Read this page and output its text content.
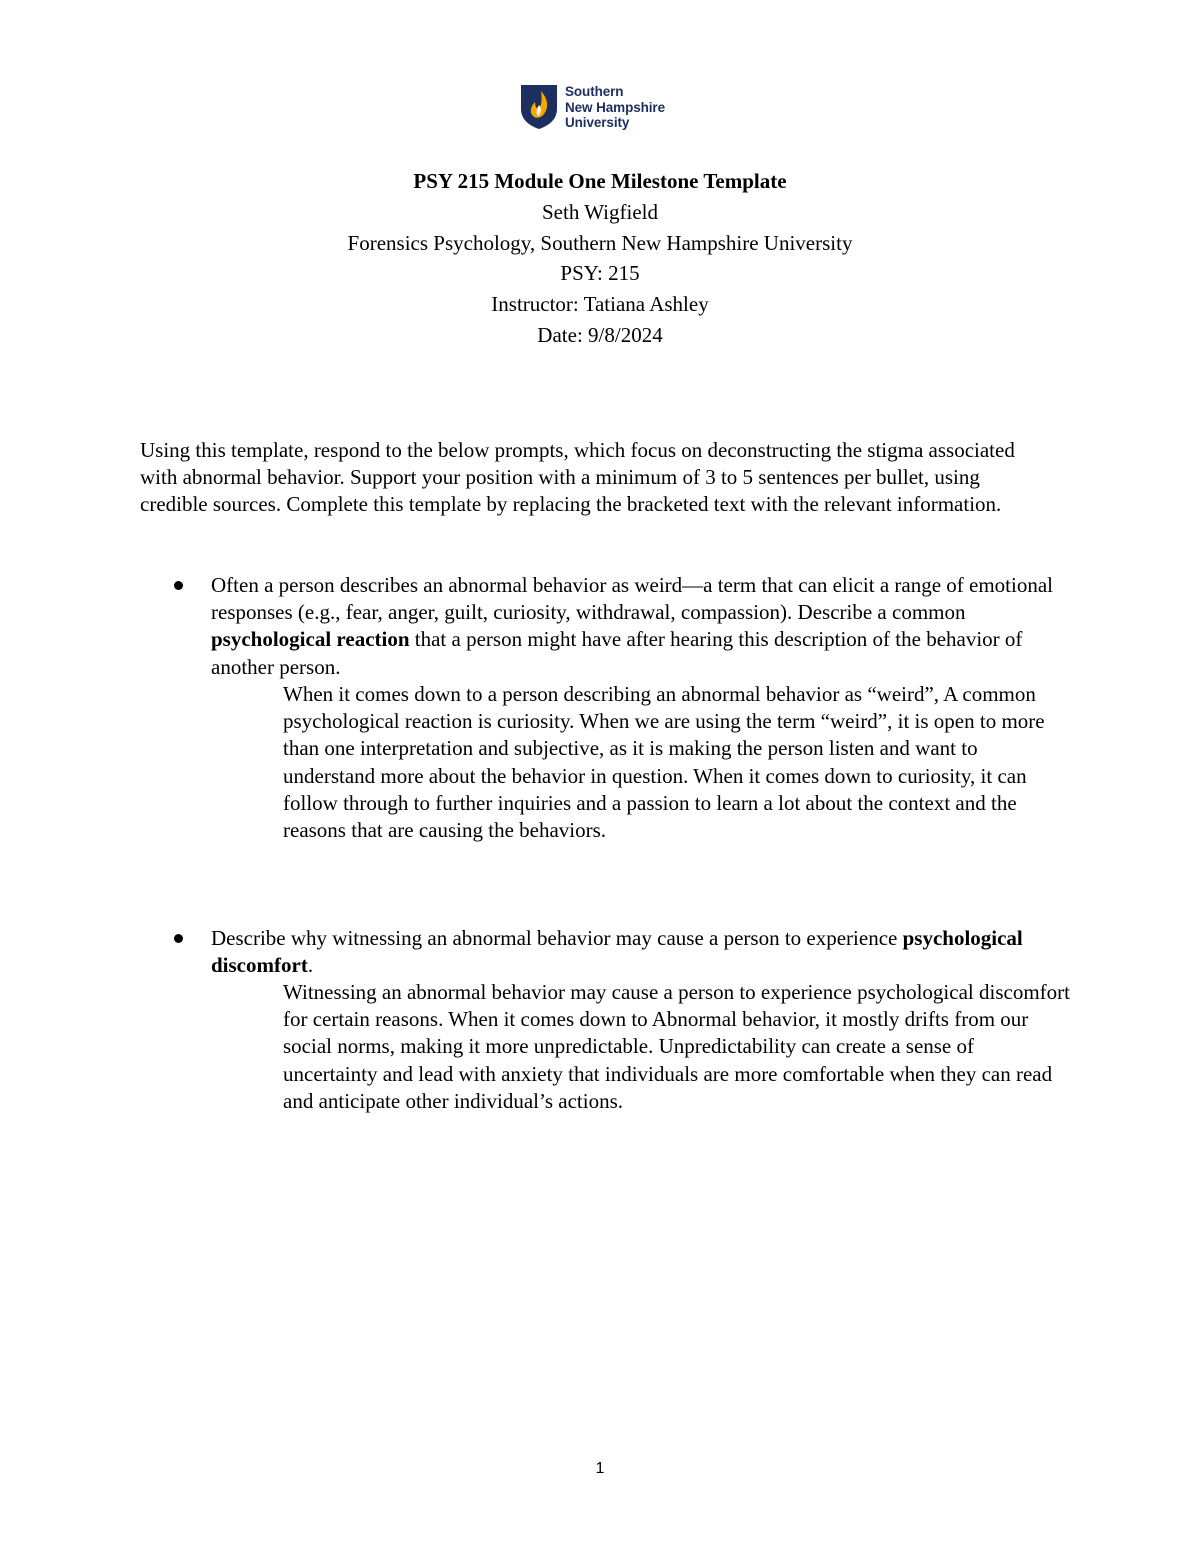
Southern
New Hampshire
University
PSY 215 Module One Milestone Template
Seth Wigfield
Forensics Psychology, Southern New Hampshire University
PSY: 215
Instructor: Tatiana Ashley
Date: 9/8/2024
Using this template, respond to the below prompts, which focus on deconstructing the stigma associated with abnormal behavior. Support your position with a minimum of 3 to 5 sentences per bullet, using credible sources. Complete this template by replacing the bracketed text with the relevant information.
Often a person describes an abnormal behavior as weird—a term that can elicit a range of emotional responses (e.g., fear, anger, guilt, curiosity, withdrawal, compassion). Describe a common psychological reaction that a person might have after hearing this description of the behavior of another person.
When it comes down to a person describing an abnormal behavior as “weird”, A common psychological reaction is curiosity. When we are using the term “weird”, it is open to more than one interpretation and subjective, as it is making the person listen and want to understand more about the behavior in question. When it comes down to curiosity, it can follow through to further inquiries and a passion to learn a lot about the context and the reasons that are causing the behaviors.
Describe why witnessing an abnormal behavior may cause a person to experience psychological discomfort.
Witnessing an abnormal behavior may cause a person to experience psychological discomfort for certain reasons. When it comes down to Abnormal behavior, it mostly drifts from our social norms, making it more unpredictable. Unpredictability can create a sense of uncertainty and lead with anxiety that individuals are more comfortable when they can read and anticipate other individual’s actions.
1
